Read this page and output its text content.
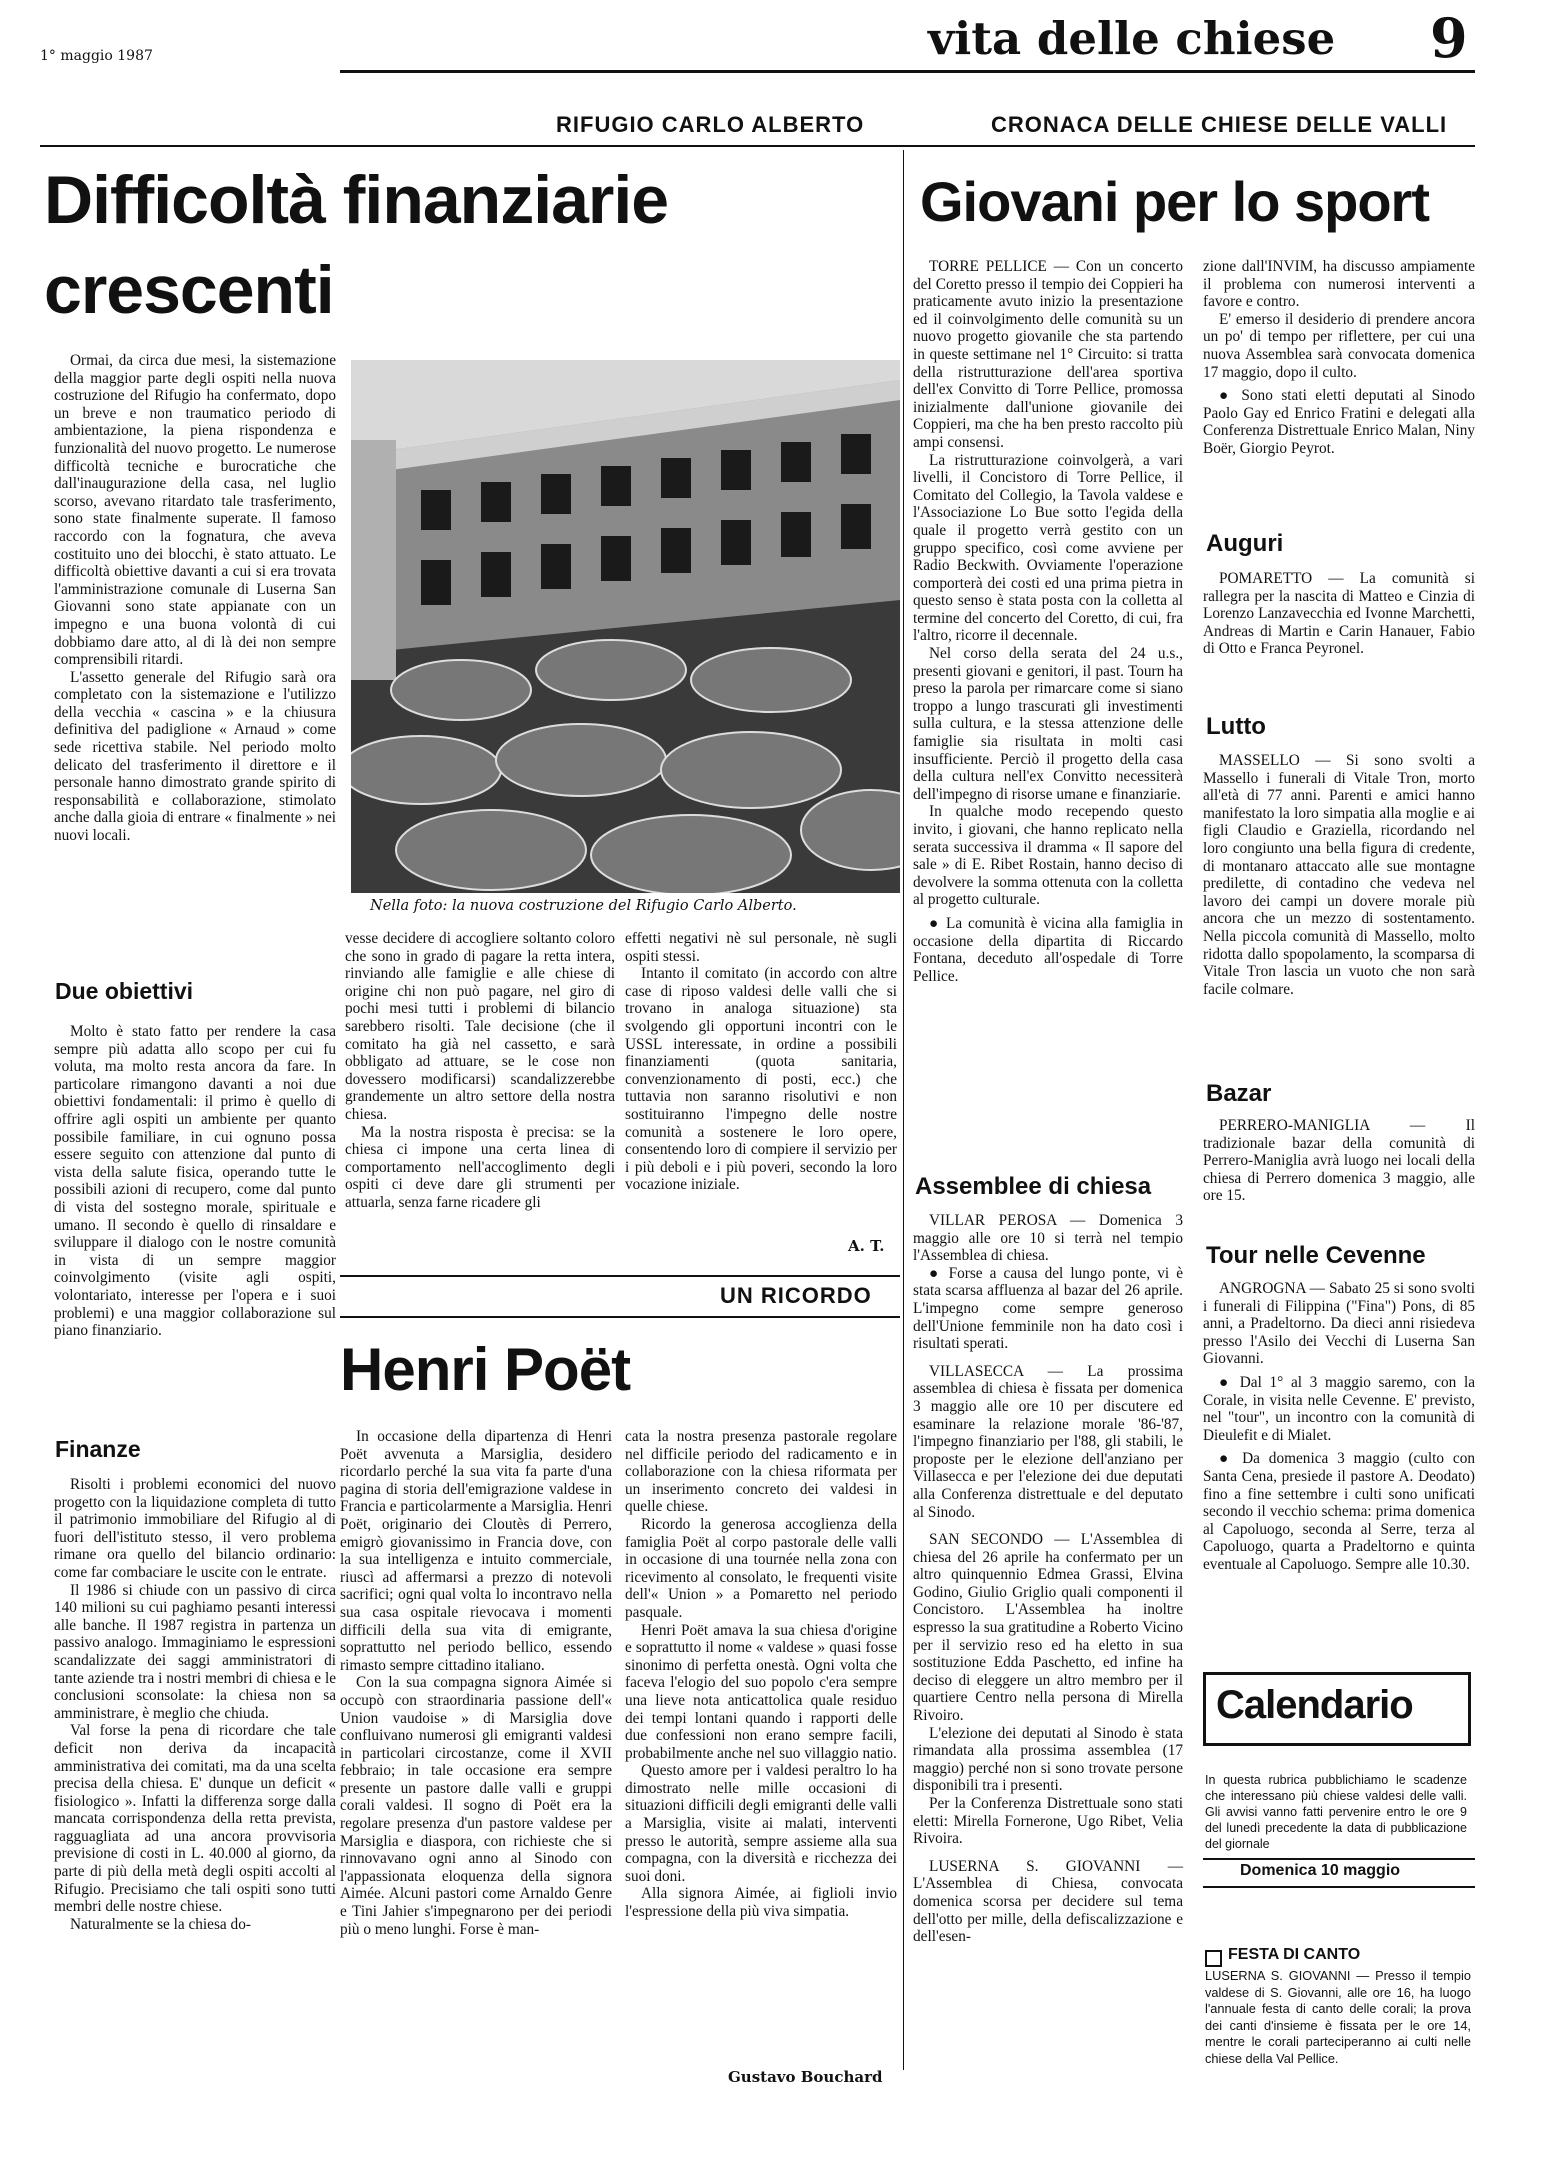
1° maggio 1987	vita delle chiese 9
RIFUGIO CARLO ALBERTO	CRONACA DELLE CHIESE DELLE VALLI
Difficoltà finanziarie
crescenti
Giovani per lo sport
Nella foto: la nuova costruzione del Rifugio Carlo Alberto.

Ormai, da circa due mesi, la sistemazione della maggior parte degli ospiti nella nuova costruzione del Rifugio ha confermato, dopo un breve e non traumatico periodo di ambientazione, la piena rispondenza e funzionalità del nuovo progetto. Le numerose difficoltà tecniche e burocratiche che dall'inaugurazione della casa, nel luglio scorso, avevano ritardato tale trasferimento, sono state finalmente superate. Il famoso raccordo con la fognatura, che aveva costituito uno dei blocchi, è stato attuato. Le difficoltà obiettive davanti a cui si era trovata l'amministrazione comunale di Luserna San Giovanni sono state appianate con un impegno e una buona volontà di cui dobbiamo dare atto, al di là dei non sempre comprensibili ritardi.

L'assetto generale del Rifugio sarà ora completato con la sistemazione e l'utilizzo della vecchia « cascina » e la chiusura definitiva del padiglione « Arnaud » come sede ricettiva stabile. Nel periodo molto delicato del trasferimento il direttore e il personale hanno dimostrato grande spirito di responsabilità e collaborazione, stimolato anche dalla gioia di entrare « finalmente » nei nuovi locali.

Due obiettivi

Molto è stato fatto per rendere la casa sempre più adatta allo scopo per cui fu voluta, ma molto resta ancora da fare. In particolare rimangono davanti a noi due obiettivi fondamentali: il primo è quello di offrire agli ospiti un ambiente per quanto possibile familiare, in cui ognuno possa essere seguito con attenzione dal punto di vista della salute fisica, operando tutte le possibili azioni di recupero, come dal punto di vista del sostegno morale, spirituale e umano. Il secondo è quello di rinsaldare e sviluppare il dialogo con le nostre comunità in vista di un sempre maggior coinvolgimento (visite agli ospiti, volontariato, interesse per l'opera e i suoi problemi) e una maggior collaborazione sul piano finanziario.

Finanze

Risolti i problemi economici del nuovo progetto con la liquidazione completa di tutto il patrimonio immobiliare del Rifugio al di fuori dell'istituto stesso, il vero problema rimane ora quello del bilancio ordinario: come far combaciare le uscite con le entrate.

Il 1986 si chiude con un passivo di circa 140 milioni su cui paghiamo pesanti interessi alle banche. Il 1987 registra in partenza un passivo analogo. Immaginiamo le espressioni scandalizzate dei saggi amministratori di tante aziende tra i nostri membri di chiesa e le conclusioni sconsolate: la chiesa non sa amministrare, è meglio che chiuda.

Val forse la pena di ricordare che tale deficit non deriva da incapacità amministrativa dei comitati, ma da una scelta precisa della chiesa. E' dunque un deficit « fisiologico ». Infatti la differenza sorge dalla mancata corrispondenza della retta prevista, ragguagliata ad una ancora provvisoria previsione di costi in L. 40.000 al giorno, da parte di più della metà degli ospiti accolti al Rifugio. Precisiamo che tali ospiti sono tutti membri delle nostre chiese.

Naturalmente se la chiesa do-

vesse decidere di accogliere soltanto coloro che sono in grado di pagare la retta intera, rinviando alle famiglie e alle chiese di origine chi non può pagare, nel giro di pochi mesi tutti i problemi di bilancio sarebbero risolti. Tale decisione (che il comitato ha già nel cassetto, e sarà obbligato ad attuare, se le cose non dovessero modificarsi) scandalizzerebbe grandemente un altro settore della nostra chiesa.

Ma la nostra risposta è precisa: se la chiesa ci impone una certa linea di comportamento nell'accoglimento degli ospiti ci deve dare gli strumenti per attuarla, senza farne ricadere gli

effetti negativi nè sul personale, nè sugli ospiti stessi.

Intanto il comitato (in accordo con altre case di riposo valdesi delle valli che si trovano in analoga situazione) sta svolgendo gli opportuni incontri con le USSL interessate, in ordine a possibili finanziamenti (quota sanitaria, convenzionamento di posti, ecc.) che tuttavia non saranno risolutivi e non sostituiranno l'impegno delle nostre comunità a sostenere le loro opere, consentendo loro di compiere il servizio per i più deboli e i più poveri, secondo la loro vocazione iniziale.

A. T.
UN RICORDO
Henri Poët

In occasione della dipartenza di Henri Poët avvenuta a Marsiglia, desidero ricordarlo perché la sua vita fa parte d'una pagina di storia dell'emigrazione valdese in Francia e particolarmente a Marsiglia. Henri Poët, originario dei Cloutès di Perrero, emigrò giovanissimo in Francia dove, con la sua intelligenza e intuito commerciale, riuscì ad affermarsi a prezzo di notevoli sacrifici; ogni qual volta lo incontravo nella sua casa ospitale rievocava i momenti difficili della sua vita di emigrante, soprattutto nel periodo bellico, essendo rimasto sempre cittadino italiano.

Con la sua compagna signora Aimée si occupò con straordinaria passione dell'« Union vaudoise » di Marsiglia dove confluivano numerosi gli emigranti valdesi in particolari circostanze, come il XVII febbraio; in tale occasione era sempre presente un pastore dalle valli e gruppi corali valdesi. Il sogno di Poët era la regolare presenza d'un pastore valdese per Marsiglia e diaspora, con richieste che si rinnovavano ogni anno al Sinodo con l'appassionata eloquenza della signora Aimée. Alcuni pastori come Arnaldo Genre e Tini Jahier s'impegnarono per dei periodi più o meno lunghi. Forse è man-

cata la nostra presenza pastorale regolare nel difficile periodo del radicamento e in collaborazione con la chiesa riformata per un inserimento concreto dei valdesi in quelle chiese.

Ricordo la generosa accoglienza della famiglia Poët al corpo pastorale delle valli in occasione di una tournée nella zona con ricevimento al consolato, le frequenti visite dell'« Union » a Pomaretto nel periodo pasquale.

Henri Poët amava la sua chiesa d'origine e soprattutto il nome « valdese » quasi fosse sinonimo di perfetta onestà. Ogni volta che faceva l'elogio del suo popolo c'era sempre una lieve nota anticattolica quale residuo dei tempi lontani quando i rapporti delle due confessioni non erano sempre facili, probabilmente anche nel suo villaggio natio.

Questo amore per i valdesi peraltro lo ha dimostrato nelle mille occasioni di situazioni difficili degli emigranti delle valli a Marsiglia, visite ai malati, interventi presso le autorità, sempre assieme alla sua compagna, con la diversità e ricchezza dei suoi doni.

Alla signora Aimée, ai figlioli invio l'espressione della più viva simpatia.

Gustavo Bouchard

TORRE PELLICE — Con un concerto del Coretto presso il tempio dei Coppieri ha praticamente avuto inizio la presentazione ed il coinvolgimento delle comunità su un nuovo progetto giovanile che sta partendo in queste settimane nel 1° Circuito: si tratta della ristrutturazione dell'area sportiva dell'ex Convitto di Torre Pellice, promossa inizialmente dall'unione giovanile dei Coppieri, ma che ha ben presto raccolto più ampi consensi.

La ristrutturazione coinvolgerà, a vari livelli, il Concistoro di Torre Pellice, il Comitato del Collegio, la Tavola valdese e l'Associazione Lo Bue sotto l'egida della quale il progetto verrà gestito con un gruppo specifico, così come avviene per Radio Beckwith. Ovviamente l'operazione comporterà dei costi ed una prima pietra in questo senso è stata posta con la colletta al termine del concerto del Coretto, di cui, fra l'altro, ricorre il decennale.

Nel corso della serata del 24 u.s., presenti giovani e genitori, il past. Tourn ha preso la parola per rimarcare come si siano troppo a lungo trascurati gli investimenti sulla cultura, e la stessa attenzione delle famiglie sia risultata in molti casi insufficiente. Perciò il progetto della casa della cultura nell'ex Convitto necessiterà dell'impegno di risorse umane e finanziarie.

In qualche modo recependo questo invito, i giovani, che hanno replicato nella serata successiva il dramma « Il sapore del sale » di E. Ribet Rostain, hanno deciso di devolvere la somma ottenuta con la colletta al progetto culturale.

● La comunità è vicina alla famiglia in occasione della dipartita di Riccardo Fontana, deceduto all'ospedale di Torre Pellice.

Assemblee di chiesa

VILLAR PEROSA — Domenica 3 maggio alle ore 10 si terrà nel tempio l'Assemblea di chiesa.

● Forse a causa del lungo ponte, vi è stata scarsa affluenza al bazar del 26 aprile. L'impegno come sempre generoso dell'Unione femminile non ha dato così i risultati sperati.

VILLASECCA — La prossima assemblea di chiesa è fissata per domenica 3 maggio alle ore 10 per discutere ed esaminare la relazione morale '86-'87, l'impegno finanziario per l'88, gli stabili, le proposte per le elezione dell'anziano per Villasecca e per l'elezione dei due deputati alla Conferenza distrettuale e del deputato al Sinodo.

SAN SECONDO — L'Assemblea di chiesa del 26 aprile ha confermato per un altro quinquennio Edmea Grassi, Elvina Godino, Giulio Griglio quali componenti il Concistoro. L'Assemblea ha inoltre espresso la sua gratitudine a Roberto Vicino per il servizio reso ed ha eletto in sua sostituzione Edda Paschetto, ed infine ha deciso di eleggere un altro membro per il quartiere Centro nella persona di Mirella Rivoiro.

L'elezione dei deputati al Sinodo è stata rimandata alla prossima assemblea (17 maggio) perché non si sono trovate persone disponibili tra i presenti.

Per la Conferenza Distrettuale sono stati eletti: Mirella Fornerone, Ugo Ribet, Velia Rivoira.

LUSERNA S. GIOVANNI — L'Assemblea di Chiesa, convocata domenica scorsa per decidere sul tema dell'otto per mille, della defiscalizzazione e dell'esen-

zione dall'INVIM, ha discusso ampiamente il problema con numerosi interventi a favore e contro.

E' emerso il desiderio di prendere ancora un po' di tempo per riflettere, per cui una nuova Assemblea sarà convocata domenica 17 maggio, dopo il culto.

● Sono stati eletti deputati al Sinodo Paolo Gay ed Enrico Fratini e delegati alla Conferenza Distrettuale Enrico Malan, Niny Boër, Giorgio Peyrot.

Auguri

POMARETTO — La comunità si rallegra per la nascita di Matteo e Cinzia di Lorenzo Lanzavecchia ed Ivonne Marchetti, Andreas di Martin e Carin Hanauer, Fabio di Otto e Franca Peyronel.

Lutto

MASSELLO — Si sono svolti a Massello i funerali di Vitale Tron, morto all'età di 77 anni. Parenti e amici hanno manifestato la loro simpatia alla moglie e ai figli Claudio e Graziella, ricordando nel loro congiunto una bella figura di credente, di montanaro attaccato alle sue montagne predilette, di contadino che vedeva nel lavoro dei campi un dovere morale più ancora che un mezzo di sostentamento. Nella piccola comunità di Massello, molto ridotta dallo spopolamento, la scomparsa di Vitale Tron lascia un vuoto che non sarà facile colmare.

Bazar

PERRERO-MANIGLIA — Il tradizionale bazar della comunità di Perrero-Maniglia avrà luogo nei locali della chiesa di Perrero domenica 3 maggio, alle ore 15.

Tour nelle Cevenne

ANGROGNA — Sabato 25 si sono svolti i funerali di Filippina ("Fina") Pons, di 85 anni, a Pradeltorno. Da dieci anni risiedeva presso l'Asilo dei Vecchi di Luserna San Giovanni.

● Dal 1° al 3 maggio saremo, con la Corale, in visita nelle Cevenne. E' previsto, nel "tour", un incontro con la comunità di Dieulefit e di Mialet.

● Da domenica 3 maggio (culto con Santa Cena, presiede il pastore A. Deodato) fino a fine settembre i culti sono unificati secondo il vecchio schema: prima domenica al Capoluogo, seconda al Serre, terza al Capoluogo, quarta a Pradeltorno e quinta eventuale al Capoluogo. Sempre alle 10.30.

Calendario
In questa rubrica pubblichiamo le scadenze che interessano più chiese valdesi delle valli. Gli avvisi vanno fatti pervenire entro le ore 9 del lunedì precedente la data di pubblicazione del giornale
Domenica 10 maggio
FESTA DI CANTO
LUSERNA S. GIOVANNI — Presso il tempio valdese di S. Giovanni, alle ore 16, ha luogo l'annuale festa di canto delle corali; la prova dei canti d'insieme è fissata per le ore 14, mentre le corali parteciperanno ai culti nelle chiese della Val Pellice.
